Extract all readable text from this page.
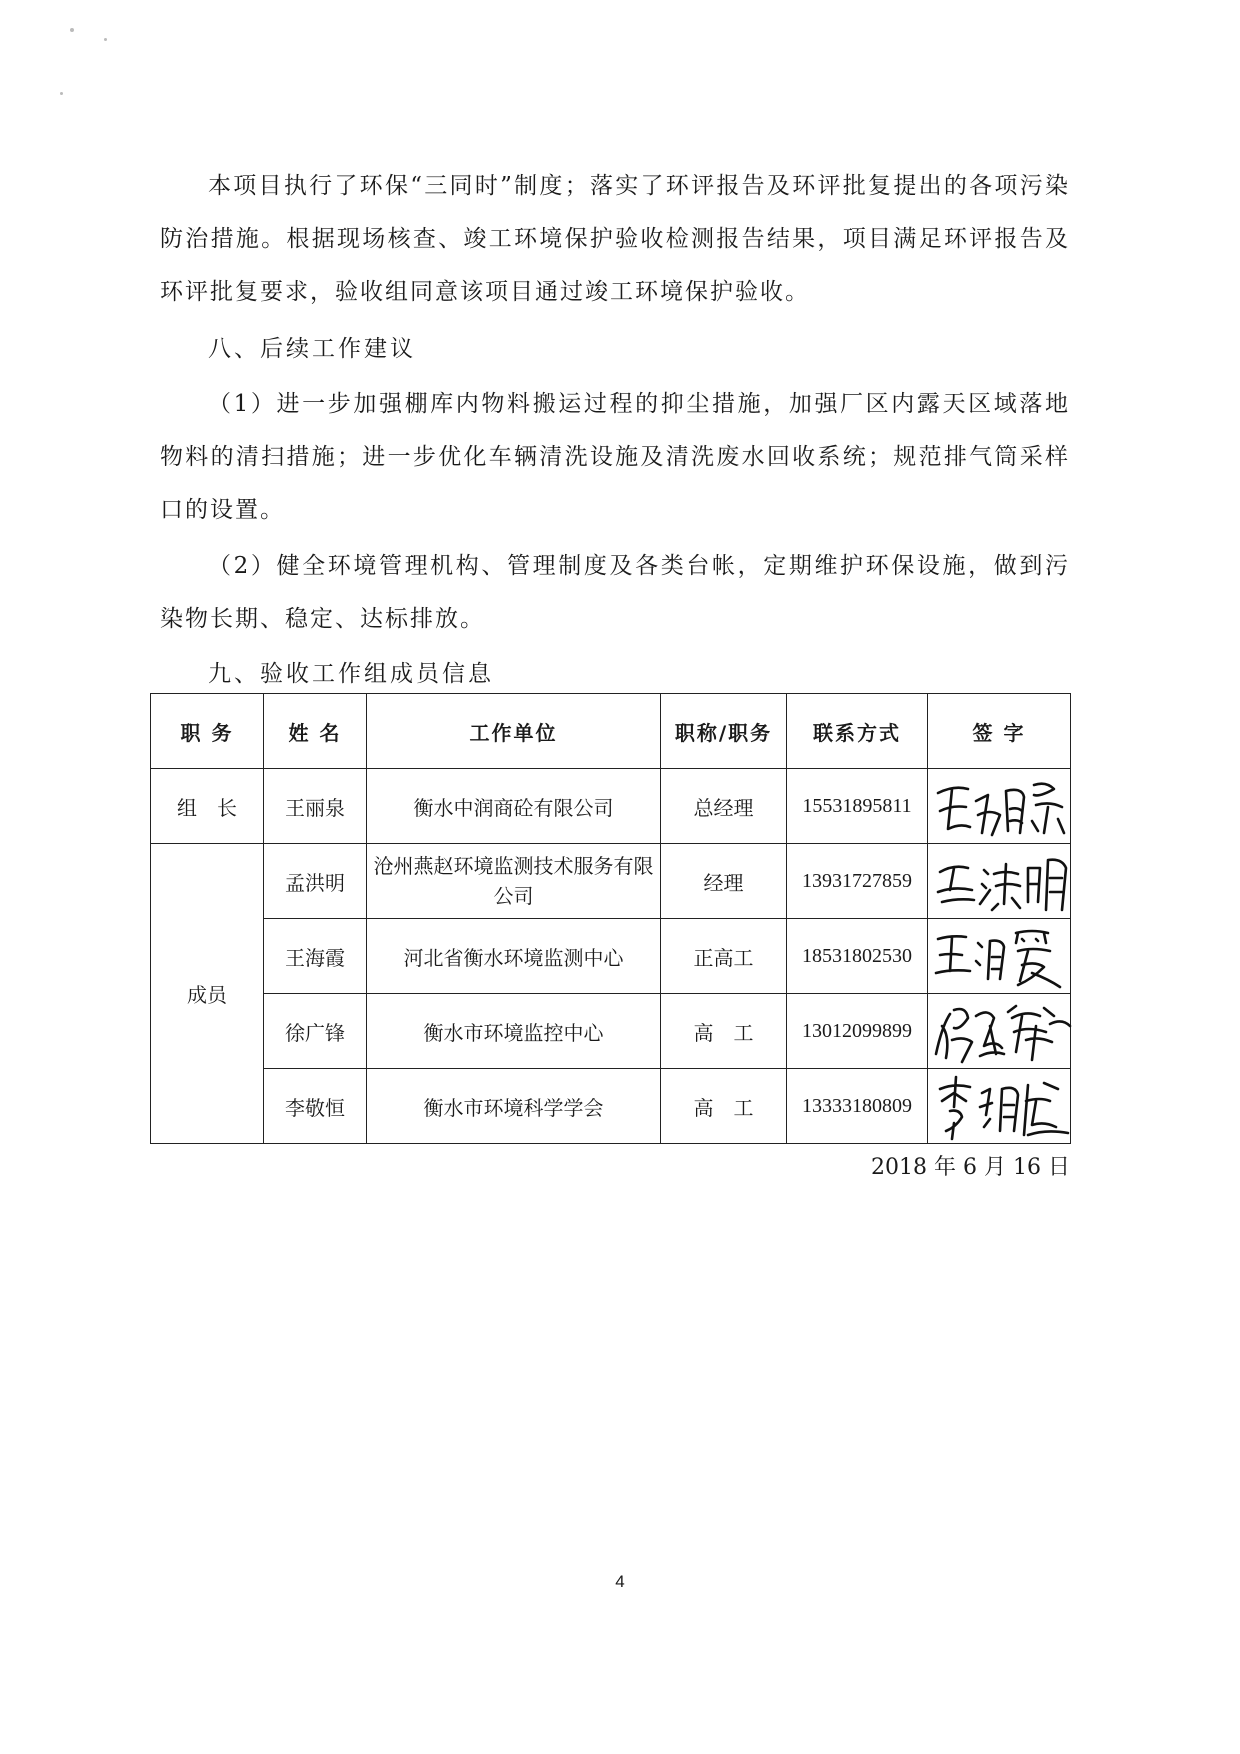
本项目执行了环保“三同时”制度；落实了环评报告及环评批复提出的各项污染防治措施。根据现场核查、竣工环境保护验收检测报告结果，项目满足环评报告及环评批复要求，验收组同意该项目通过竣工环境保护验收。

八、后续工作建议

（1）进一步加强棚库内物料搬运过程的抑尘措施，加强厂区内露天区域落地物料的清扫措施；进一步优化车辆清洗设施及清洗废水回收系统；规范排气筒采样口的设置。

（2）健全环境管理机构、管理制度及各类台帐，定期维护环保设施，做到污染物长期、稳定、达标排放。

九、验收工作组成员信息

职 务	姓 名	工作单位	职称/职务	联系方式	签 字
组　长	王丽泉	衡水中润商砼有限公司	总经理	15531895811	

成员	孟洪明	沧州燕赵环境监测技术服务有限公司	经理	13931727859	

	王海霞	河北省衡水环境监测中心	正高工	18531802530	

	徐广锋	衡水市环境监控中心	高　工	13012099899	

	李敬恒	衡水市环境科学学会	高　工	13333180809	
2018 年 6 月 16 日
4
